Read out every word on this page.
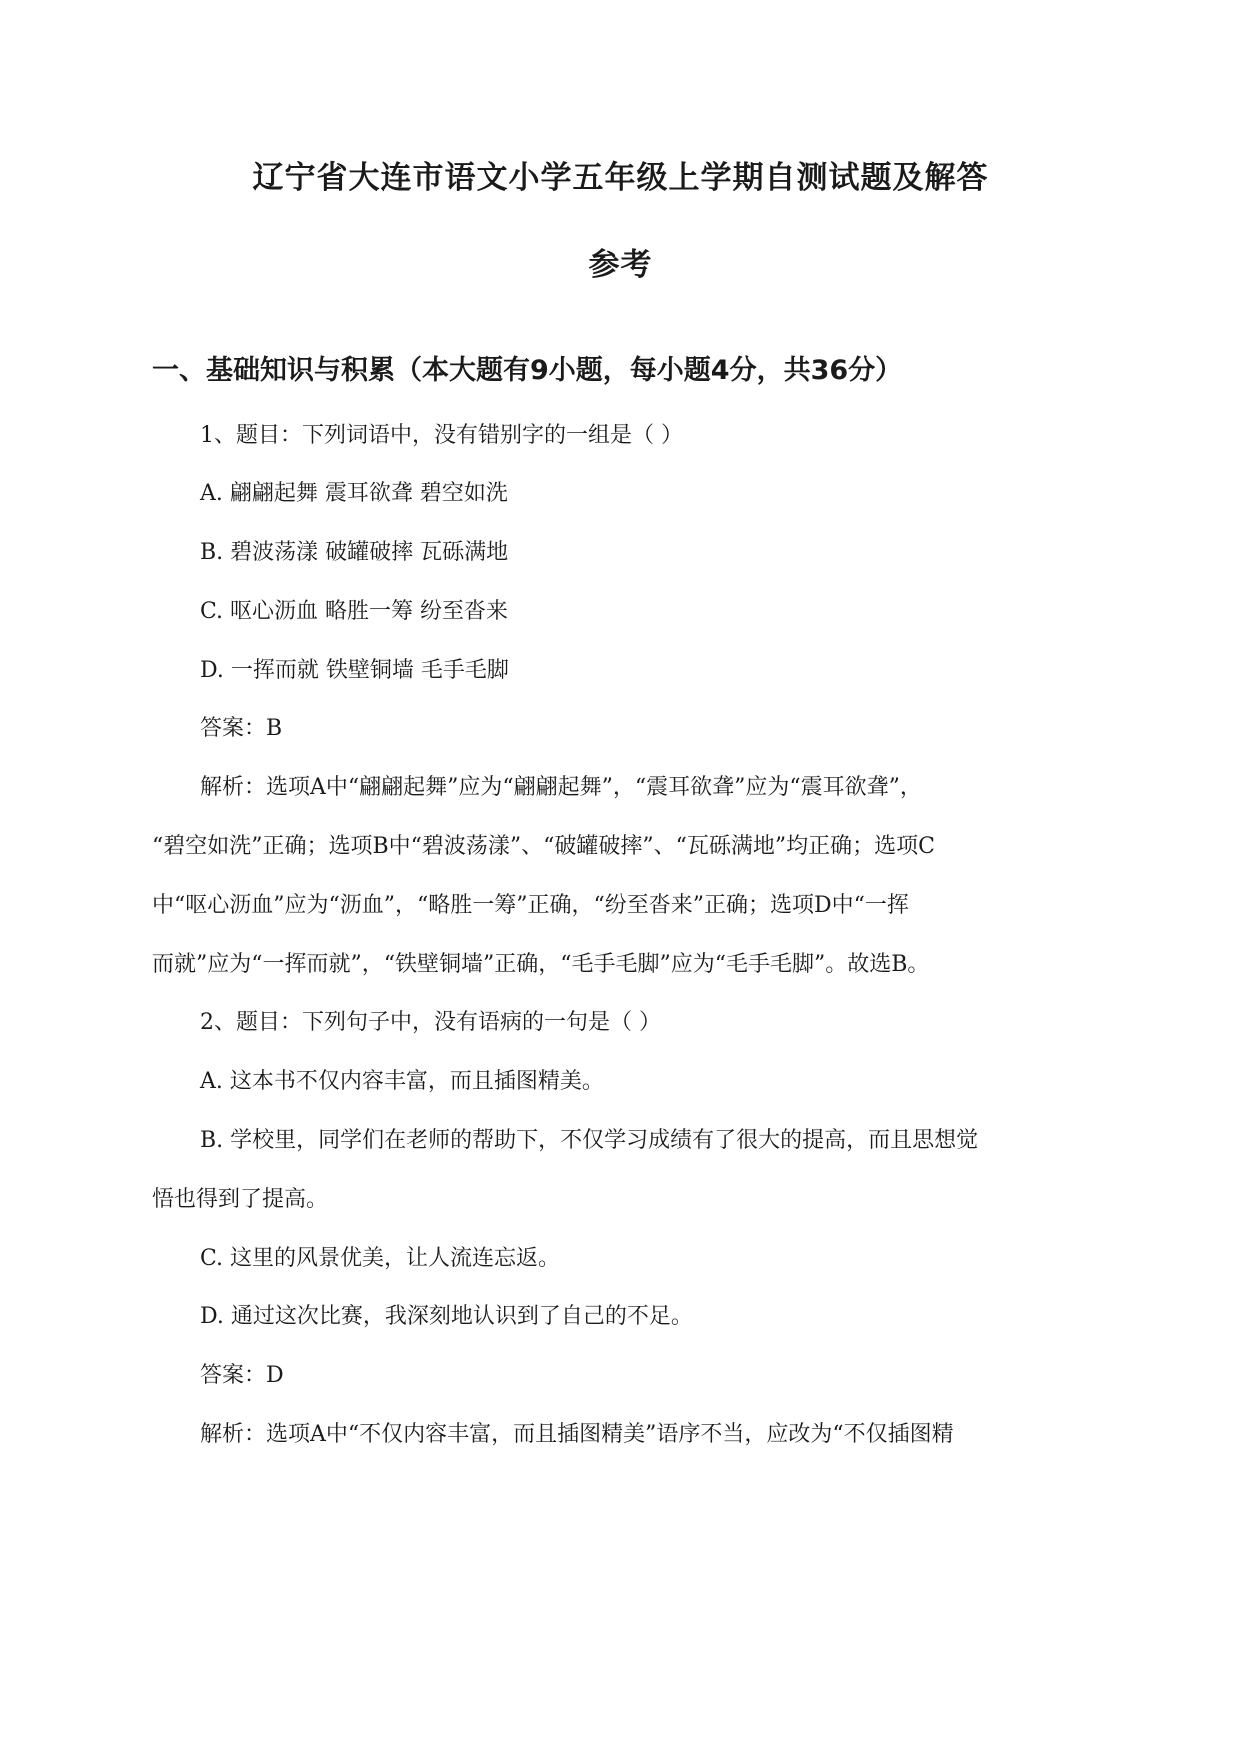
辽宁省大连市语文小学五年级上学期自测试题及解答
参考
一、基础知识与积累（本大题有9小题，每小题4分，共36分）
1、题目：下列词语中，没有错别字的一组是（ ）
A. 翩翩起舞 震耳欲聋 碧空如洗
B. 碧波荡漾 破罐破摔 瓦砾满地
C. 呕心沥血 略胜一筹 纷至沓来
D. 一挥而就 铁壁铜墙 毛手毛脚
答案：B
解析：选项A中“翩翩起舞”应为“翩翩起舞”，“震耳欲聋”应为“震耳欲聋”，
“碧空如洗”正确；选项B中“碧波荡漾”、“破罐破摔”、“瓦砾满地”均正确；选项C
中“呕心沥血”应为“沥血”，“略胜一筹”正确，“纷至沓来”正确；选项D中“一挥
而就”应为“一挥而就”，“铁壁铜墙”正确，“毛手毛脚”应为“毛手毛脚”。故选B。
2、题目：下列句子中，没有语病的一句是（ ）
A. 这本书不仅内容丰富，而且插图精美。
B. 学校里，同学们在老师的帮助下，不仅学习成绩有了很大的提高，而且思想觉
悟也得到了提高。
C. 这里的风景优美，让人流连忘返。
D. 通过这次比赛，我深刻地认识到了自己的不足。
答案：D
解析：选项A中“不仅内容丰富，而且插图精美”语序不当，应改为“不仅插图精
